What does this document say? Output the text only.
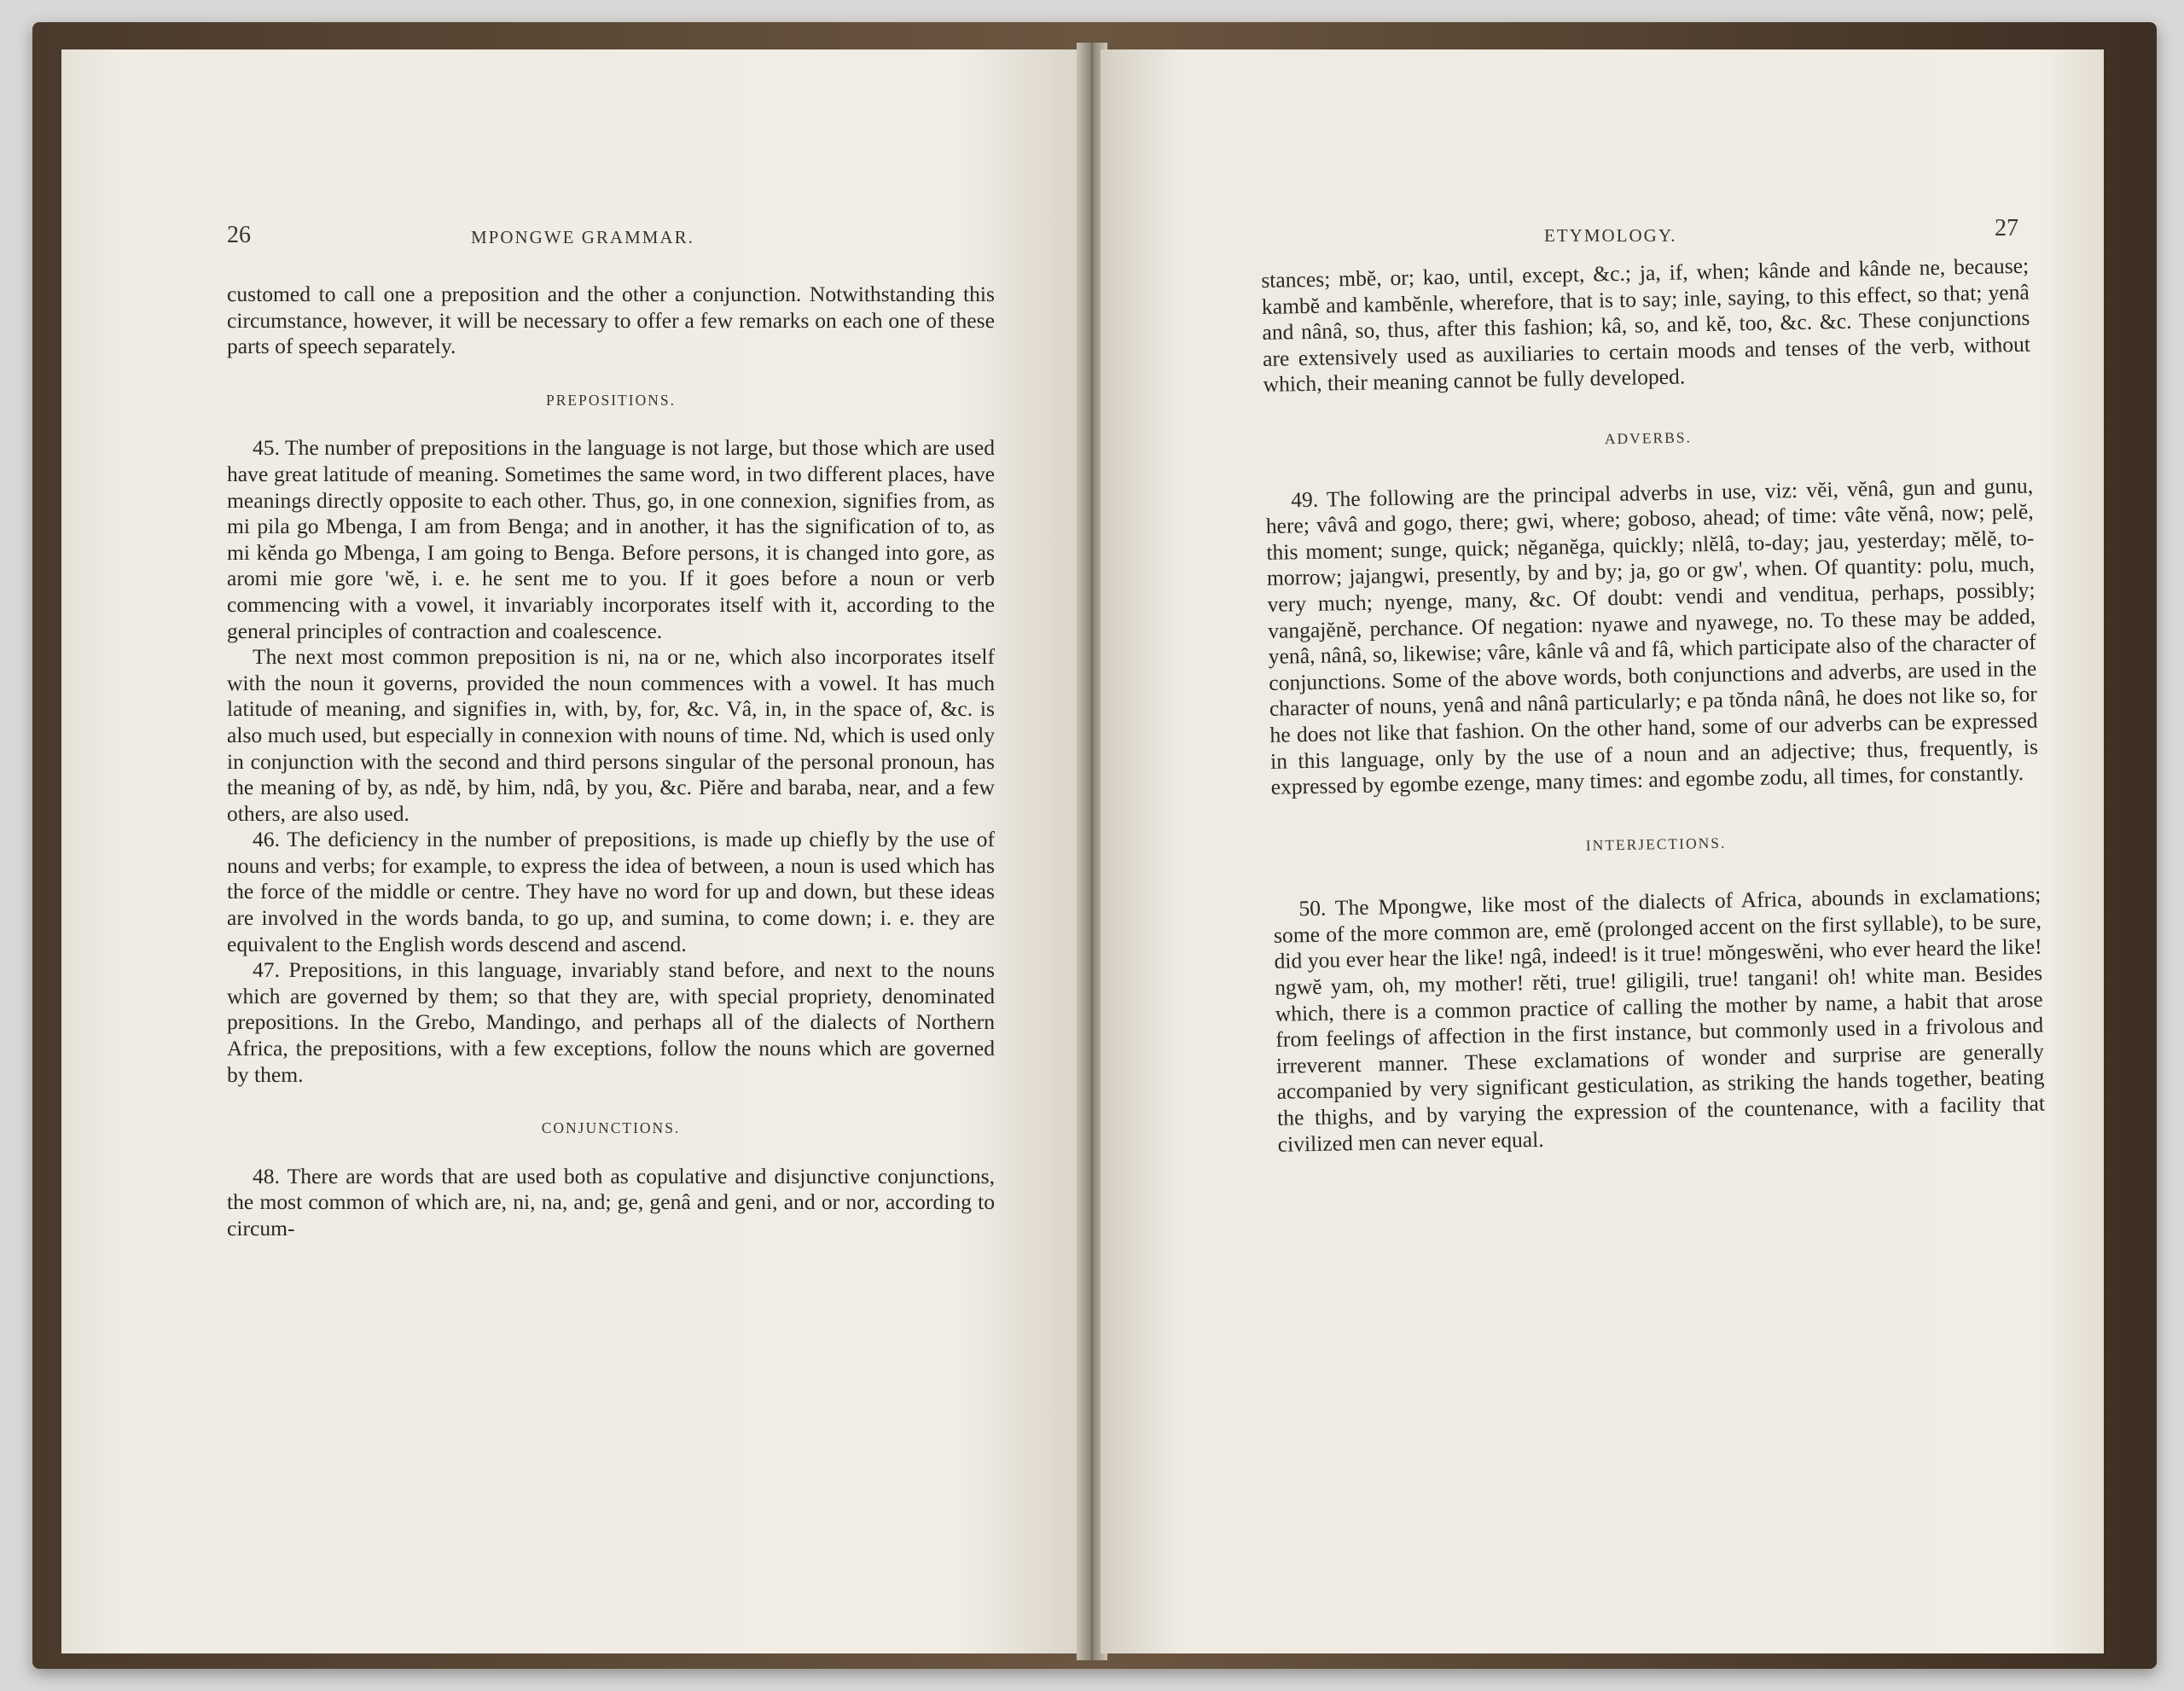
26	MPONGWE GRAMMAR.

customed to call one a preposition and the other a conjunction. Notwithstanding this circumstance, however, it will be necessary to offer a few remarks on each one of these parts of speech separately.

PREPOSITIONS.

45. The number of prepositions in the language is not large, but those which are used have great latitude of meaning. Sometimes the same word, in two different places, have meanings directly opposite to each other. Thus, go, in one connexion, signifies from, as mi pila go Mbenga, I am from Benga; and in another, it has the signification of to, as mi kĕnda go Mbenga, I am going to Benga. Before persons, it is changed into gore, as aromi mie gore 'wĕ, i. e. he sent me to you. If it goes before a noun or verb commencing with a vowel, it invariably incorporates itself with it, according to the general principles of contraction and coalescence.

The next most common preposition is ni, na or ne, which also incorporates itself with the noun it governs, provided the noun commences with a vowel. It has much latitude of meaning, and signifies in, with, by, for, &c. Vâ, in, in the space of, &c. is also much used, but especially in connexion with nouns of time. Nd, which is used only in conjunction with the second and third persons singular of the personal pronoun, has the meaning of by, as ndĕ, by him, ndâ, by you, &c. Piĕre and baraba, near, and a few others, are also used.

46. The deficiency in the number of prepositions, is made up chiefly by the use of nouns and verbs; for example, to express the idea of between, a noun is used which has the force of the middle or centre. They have no word for up and down, but these ideas are involved in the words banda, to go up, and sumina, to come down; i. e. they are equivalent to the English words descend and ascend.

47. Prepositions, in this language, invariably stand before, and next to the nouns which are governed by them; so that they are, with special propriety, denominated prepositions. In the Grebo, Mandingo, and perhaps all of the dialects of Northern Africa, the prepositions, with a few exceptions, follow the nouns which are governed by them.

CONJUNCTIONS.

48. There are words that are used both as copulative and disjunctive conjunctions, the most common of which are, ni, na, and; ge, genâ and geni, and or nor, according to circum-

ETYMOLOGY.	27

stances; mbĕ, or; kao, until, except, &c.; ja, if, when; kânde and kânde ne, because; kambĕ and kambĕnle, wherefore, that is to say; inle, saying, to this effect, so that; yenâ and nânâ, so, thus, after this fashion; kâ, so, and kĕ, too, &c. &c. These conjunctions are extensively used as auxiliaries to certain moods and tenses of the verb, without which, their meaning cannot be fully developed.

ADVERBS.

49. The following are the principal adverbs in use, viz: vĕi, vĕnâ, gun and gunu, here; vâvâ and gogo, there; gwi, where; goboso, ahead; of time: vâte vĕnâ, now; pelĕ, this moment; sunge, quick; nĕganĕga, quickly; nlĕlâ, to-day; jau, yesterday; mĕlĕ, to-morrow; jajangwi, presently, by and by; ja, go or gw', when. Of quantity: polu, much, very much; nyenge, many, &c. Of doubt: vendi and venditua, perhaps, possibly; vangajĕnĕ, perchance. Of negation: nyawe and nyawege, no. To these may be added, yenâ, nânâ, so, likewise; vâre, kânle vâ and fâ, which participate also of the character of conjunctions. Some of the above words, both conjunctions and adverbs, are used in the character of nouns, yenâ and nânâ particularly; e pa tŏnda nânâ, he does not like so, for he does not like that fashion. On the other hand, some of our adverbs can be expressed in this language, only by the use of a noun and an adjective; thus, frequently, is expressed by egombe ezenge, many times: and egombe zodu, all times, for constantly.

INTERJECTIONS.

50. The Mpongwe, like most of the dialects of Africa, abounds in exclamations; some of the more common are, emĕ (prolonged accent on the first syllable), to be sure, did you ever hear the like! ngâ, indeed! is it true! mŏngeswĕni, who ever heard the like! ngwĕ yam, oh, my mother! rĕti, true! giligili, true! tangani! oh! white man. Besides which, there is a common practice of calling the mother by name, a habit that arose from feelings of affection in the first instance, but commonly used in a frivolous and irreverent manner. These exclamations of wonder and surprise are generally accompanied by very significant gesticulation, as striking the hands together, beating the thighs, and by varying the expression of the countenance, with a facility that civilized men can never equal.
